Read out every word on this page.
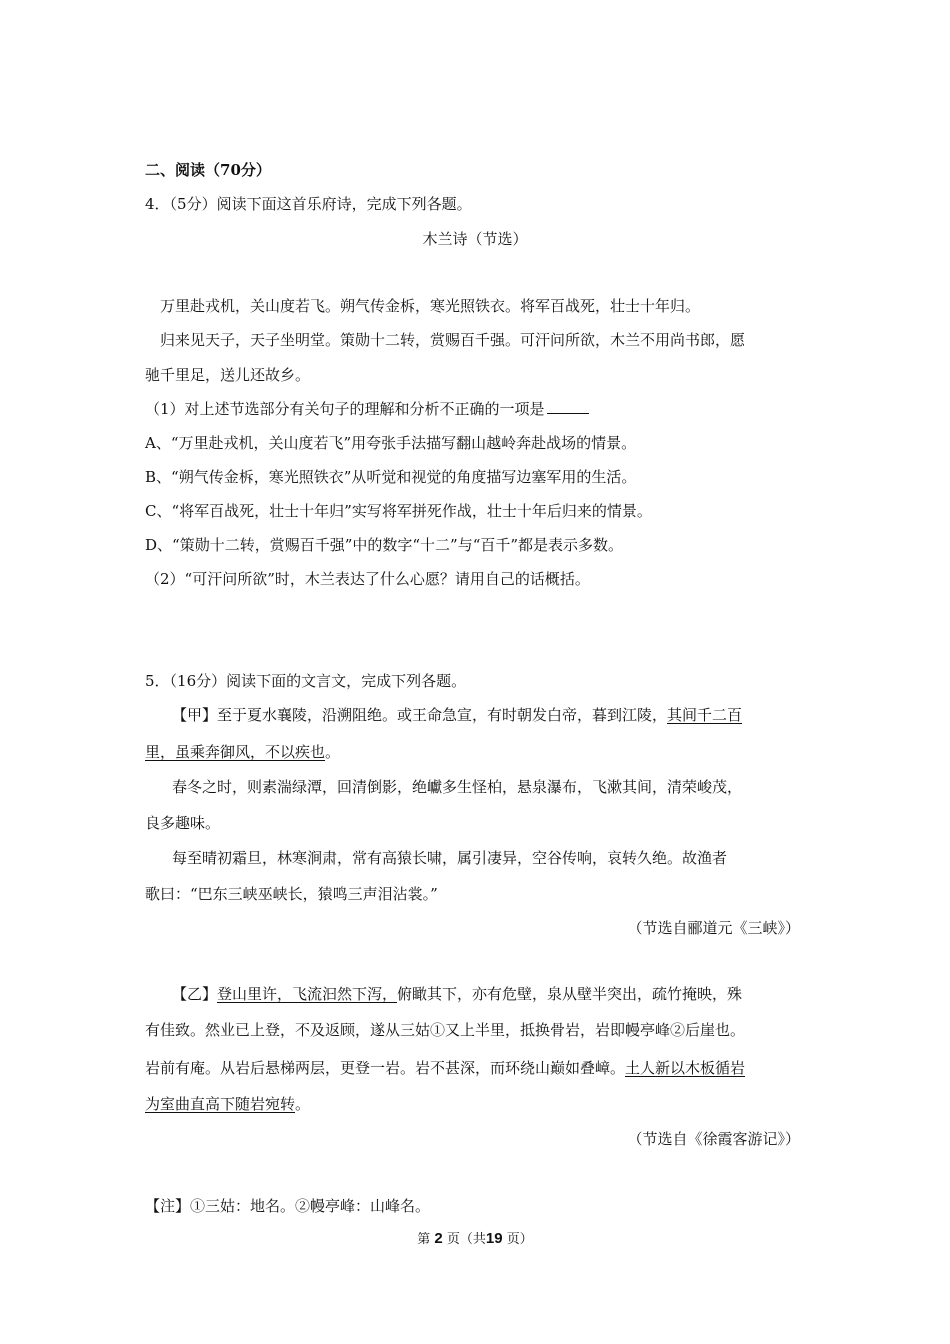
二、阅读（70分）
4．（5分）阅读下面这首乐府诗，完成下列各题。
木兰诗（节选）
万里赴戎机，关山度若飞。朔气传金柝，寒光照铁衣。将军百战死，壮士十年归。
归来见天子，天子坐明堂。策勋十二转，赏赐百千强。可汗问所欲，木兰不用尚书郎，愿
驰千里足，送儿还故乡。
（1）对上述节选部分有关句子的理解和分析不正确的一项是
A、“万里赴戎机，关山度若飞”用夸张手法描写翻山越岭奔赴战场的情景。
B、“朔气传金柝，寒光照铁衣”从听觉和视觉的角度描写边塞军用的生活。
C、“将军百战死，壮士十年归”实写将军拼死作战，壮士十年后归来的情景。
D、“策勋十二转，赏赐百千强”中的数字“十二”与“百千”都是表示多数。
（2）“可汗问所欲”时，木兰表达了什么心愿？请用自己的话概括。
5．（16分）阅读下面的文言文，完成下列各题。
【甲】至于夏水襄陵，沿溯阻绝。或王命急宣，有时朝发白帝，暮到江陵，其间千二百
里，虽乘奔御风，不以疾也。
春冬之时，则素湍绿潭，回清倒影，绝巘多生怪柏，悬泉瀑布，飞漱其间，清荣峻茂，
良多趣味。
每至晴初霜旦，林寒涧肃，常有高猿长啸，属引凄异，空谷传响，哀转久绝。故渔者
歌曰：“巴东三峡巫峡长，猿鸣三声泪沾裳。”
（节选自郦道元《三峡》）
【乙】登山里许，飞流汩然下泻，俯瞰其下，亦有危壁，泉从壁半突出，疏竹掩映，殊
有佳致。然业已上登，不及返顾，遂从三姑①又上半里，抵换骨岩，岩即幔亭峰②后崖也。
岩前有庵。从岩后悬梯两层，更登一岩。岩不甚深，而环绕山巅如叠嶂。土人新以木板循岩
为室曲直高下随岩宛转。
（节选自《徐霞客游记》）
【注】①三姑：地名。②幔亭峰：山峰名。
第 2 页（共19 页）
